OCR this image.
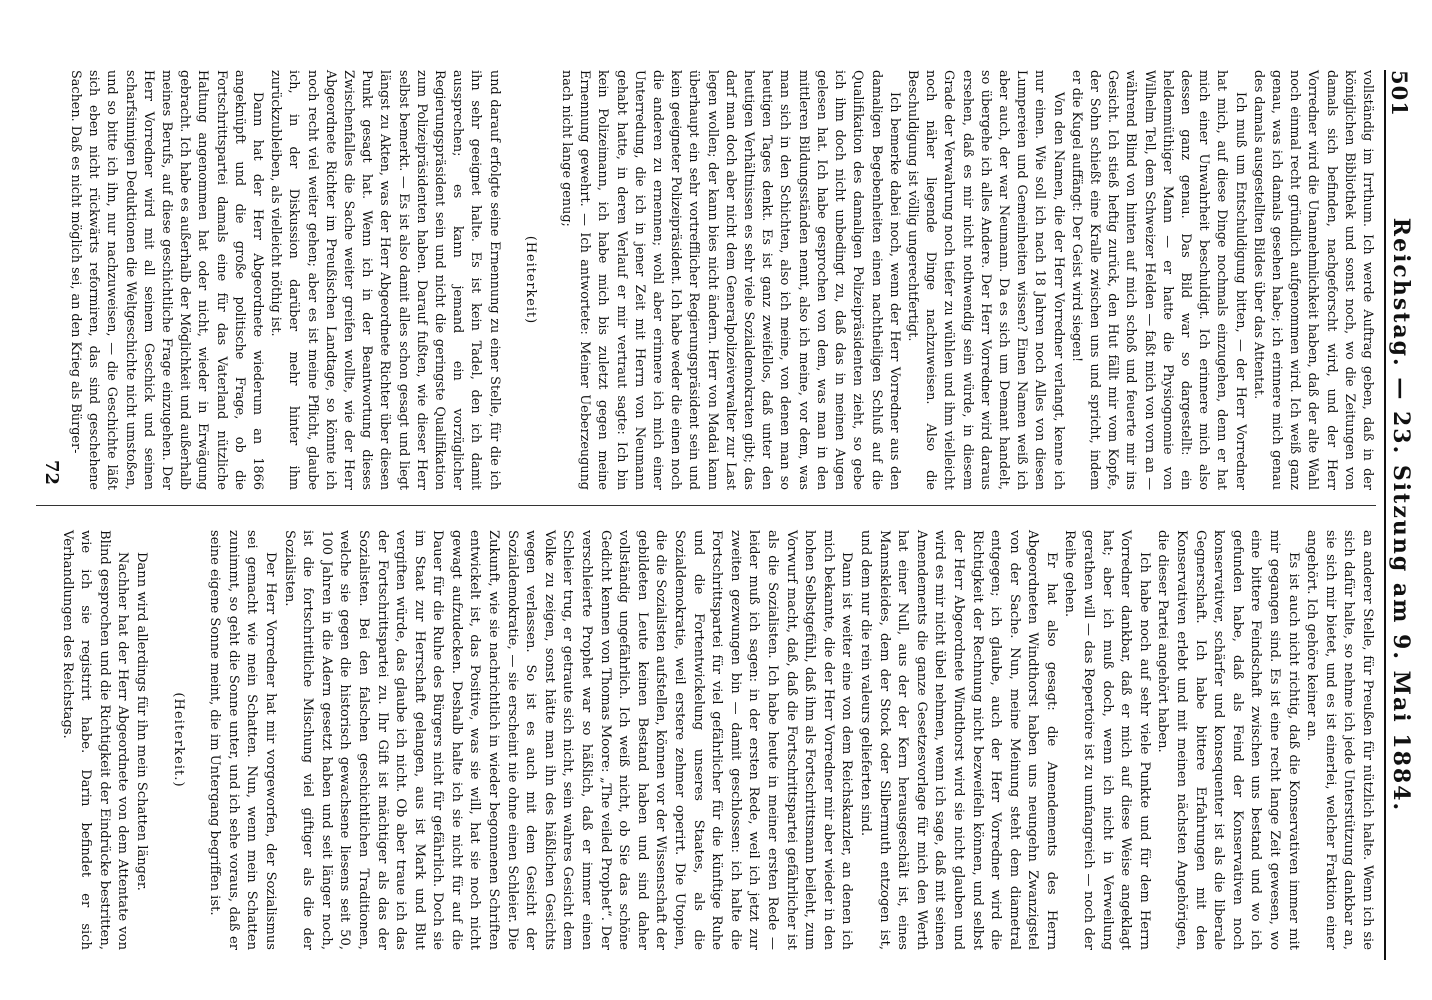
501
Reichstag. — 23. Sitzung am 9. Mai 1884.

vollständig im Irrthum. Ich werde Auftrag geben, daß in der königlichen Bibliothek und sonst noch, wo die Zeitungen von damals sich befinden, nachgeforscht wird, und der Herr Vorredner wird die Unannehmlichkeit haben, daß der alte Wahl noch einmal recht gründlich aufgenommen wird. Ich weiß ganz genau, was ich damals gesehen habe; ich erinnere mich genau des damals ausgestellten Bildes über das Attentat.

Ich muß um Entschuldigung bitten, — der Herr Vorredner hat mich, auf diese Dinge nochmals einzugehen, denn er hat mich einer Unwahrheit beschuldigt. Ich erinnere mich also dessen ganz genau. Das Bild war so dargestellt: ein heldenmüthiger Mann — er hatte die Physiognomie von Wilhelm Tell, dem Schweizer Helden — faßt mich von vorn an — während Blind von hinten auf mich schoß und feuerte mir ins Gesicht. Ich stieß heftig zurück, den Hut fällt mir vom Kopfe, der Sohn schießt eine Kralle zwischen uns und spricht, indem er die Kugel auffängt: Der Geist wird siegen!

Von den Namen, die der Herr Vorredner verlangt, kenne ich nur einen. Wie soll ich nach 18 Jahren noch Alles von diesen Lumpereien und Gemeinheiten wissen? Einen Namen weiß ich aber auch, der war Neumann. Da es sich um Demant handelt, so übergehe ich alles Andere. Der Herr Vorredner wird daraus ersehen, daß es mir nicht nothwendig sein würde, in diesem Grade der Verwahrung noch tiefer zu wühlen und ihm vielleicht noch näher liegende Dinge nachzuweisen. Also die Beschuldigung ist völlig ungerechtfertigt.

Ich bemerke dabei noch, wenn der Herr Vorredner aus den damaligen Begebenheiten einen nachtheiligen Schluß auf die Qualifikation des damaligen Polizeipräsidenten zieht, so gebe ich ihm doch nicht unbedingt zu, daß das in meinen Augen gelesen hat. Ich habe gesprochen von dem, was man in den mittleren Bildungsständen nennt, also ich meine, vor dem, was man sich in den Schichten, also ich meine, von denen man so heutigen Tages denkt. Es ist ganz zweifellos, daß unter den heutigen Verhältnissen es sehr viele Sozialdemokraten gibt; das darf man doch aber nicht dem Generalpolizeiverwalter zur Last legen wollen; der kann bies nicht ändern. Herr von Madai kann überhaupt ein sehr vortrefflicher Regierungspräsident sein und kein geeigneter Polizeipräsident. Ich habe weder die einen noch die anderen zu ernennen; wohl aber erinnere ich mich einer Unterredung, die ich in jener Zeit mit Herrn von Neumann gehabt hatte, in deren Verlauf er mir vertraut sagte: Ich bin kein Polizeimann, ich habe mich bis zuletzt gegen meine Ernennung gewehrt. — Ich antwortete: Meiner Ueberzeugung nach nicht lange genug;

(Heiterkeit)

und darauf erfolgte seine Ernennung zu einer Stelle, für die ich ihn sehr geeignet halte. Es ist kein Tadel, den ich damit aussprechen; es kann jemand ein vorzüglicher Regierungspräsident sein und nicht die geringste Qualifikation zum Polizeipräsidenten haben. Darauf fußten, wie dieser Herr selbst bemerkt. — Es ist also damit alles schon gesagt und liegt längst zu Akten, was der Herr Abgeordnete Richter über diesen Punkt gesagt hat. Wenn ich in der Beantwortung dieses Zwischenfalles die Sache weiter greifen wollte, wie der Herr Abgeordnete Richter im Preußischen Landtage, so könnte ich noch recht viel weiter gehen; aber es ist meine Pflicht, glaube ich, in der Diskussion darüber mehr hinter ihm zurückzubleiben, als vielleicht nöthig ist.

Dann hat der Herr Abgeordnete wiederum an 1866 angeknüpft und die große politische Frage, ob die Fortschrittspartei damals eine für das Vaterland nützliche Haltung angenommen hat oder nicht, wieder in Erwägung gebracht. Ich habe es außerhalb der Möglichkeit und außerhalb meines Berufs, auf diese geschichtliche Frage einzugehen. Der Herr Vorredner wird mit all seinem Geschick und seinen scharfsinnigen Deduktionen die Weltgeschichte nicht umstoßen, und so bitte ich ihn, nur nachzuweisen, — die Geschichte läßt sich eben nicht rückwärts reformiren, das sind geschehene Sachen. Daß es nicht möglich sei, an den Krieg als Bürger-

an anderer Stelle, für Preußen für nützlich halte. Wenn ich sie sich dafür halte, so nehme ich jede Unterstützung dankbar an, sie sich mir bietet, und es ist einerlei, welcher Fraktion einer angehört. Ich gehöre keiner an.

Es ist auch nicht richtig, daß die Konservativen immer mit mir gegangen sind. Es ist eine recht lange Zeit gewesen, wo eine bittere Feindschaft zwischen uns bestand und wo ich gefunden habe, daß als Feind der Konservativen noch konservativer, schärfer und konsequenter ist als die liberale Gegnerschaft. Ich habe bittere Erfahrungen mit den Konservativen erlebt und mit meinen nächsten Angehörigen, die dieser Partei angehört haben.

Ich habe noch auf sehr viele Punkte und für dem Herrn Vorredner dankbar, daß er mich auf diese Weise angeklagt hat; aber ich muß doch, wenn ich nicht in Verweilung gerathen will — das Repertoire ist zu umfangreich — noch der Reihe gehen.

Er hat also gesagt: die Amendements des Herrn Abgeordneten Windthorst haben uns neungehn Zwanzigstel von der Sache. Nun, meine Meinung steht dem diametral entgegen; ich glaube, auch der Herr Vorredner wird die Richtigkeit der Rechnung nicht bezweifeln können, und selbst der Herr Abgeordnete Windthorst wird sie nicht glauben und wird es mir nicht übel nehmen, wenn ich sage, daß mit seinen Amendements die ganze Gesetzesvorlage für mich den Werth hat einer Null, aus der der Kern herausgeschält ist, eines Mannskleides, dem der Stock oder Silbermuth entzogen ist, und dem nur die rein valeurs gelieferten sind.

Dann ist weiter eine von dem Reichskanzler, an denen ich mich bekannte, die der Herr Vorredner mir aber wieder in den hohen Selbstgefühl, daß ihm als Fortschrittsmann beileht, zum Vorwurf macht, daß, daß die Fortschrittspartei gefährlicher ist als die Sozialisten. Ich habe heute in meiner ersten Rede — leider muß ich sagen: in der ersten Rede, weil ich jetzt zur zweiten gezwungen bin — damit geschlossen: ich halte die Fortschrittspartei für viel gefährlicher für die künftige Ruhe und die Fortentwickelung unseres Staates, als die Sozialdemokratie, weil erstere zehmer operirt. Die Utopien, die die Sozialisten aufstellen, können vor der Wissenschaft der gebildeten Leute keinen Bestand haben und sind daher vollständig ungefährlich. Ich weiß nicht, ob Sie das schöne Gedicht kennen von Thomas Moore: „The veiled Prophet“. Der verschleierte Prophet war so häßlich, daß er immer einen Schleier trug, er getraute sich nicht, sein wahres Gesicht dem Volke zu zeigen, sonst hätte man ihn des häßlichen Gesichts wegen verlassen. So ist es auch mit dem Gesicht der Sozialdemokratie, — sie erscheint nie ohne einen Schleier. Die Zukunft, wie sie nachrichtlich in wieder begonnenen Schriften entwickelt ist, das Positive, was sie will, hat sie noch nicht gewagt aufzudecken. Deshalb halte ich sie nicht für auf die Dauer für die Ruhe des Bürgers nicht für gefährlich. Doch sie im Staat zur Herrschaft gelangen, aus ist Mark und Blut vergiften würde, das glaube ich nicht. Ob aber traue ich das der Fortschrittspartei zu. Ihr Gift ist mächtiger als das der Sozialisten. Bei den falschen geschichtlichen Traditionen, welche sie gegen die historisch gewachsene liesens seit 50, 100 Jahren in die Adern gesetzt haben und seit länger noch, ist die fortschrittliche Mischung viel giftiger als die der Sozialisten.

Der Herr Vorredner hat mir vorgeworfen, der Sozialismus sei gemacht wie mein Schatten. Nun, wenn mein Schatten zunimmt, so geht die Sonne unter, und ich sehe voraus, daß er seine eigene Sonne meint, die im Untergang begriffen ist.

(Heiterkeit.)

Dann wird allerdings für ihn mein Schatten länger.

Nachher hat der Herr Abgeordnete von dem Attentate von Blind gesprochen und die Richtigkeit der Eindrücke bestritten, wie ich sie registrirt habe. Darin befindet er sich Verhandlungen des Reichstags.

72
